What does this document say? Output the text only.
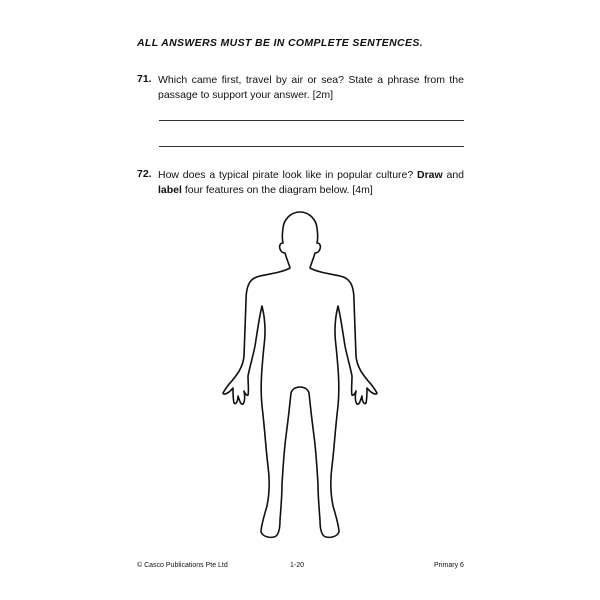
ALL ANSWERS MUST BE IN COMPLETE SENTENCES.
71. Which came first, travel by air or sea? State a phrase from the passage to support your answer. [2m]
72. How does a typical pirate look like in popular culture? Draw and label four features on the diagram below. [4m]
© Casco Publications Pte Ltd	1-20	Primary 6
